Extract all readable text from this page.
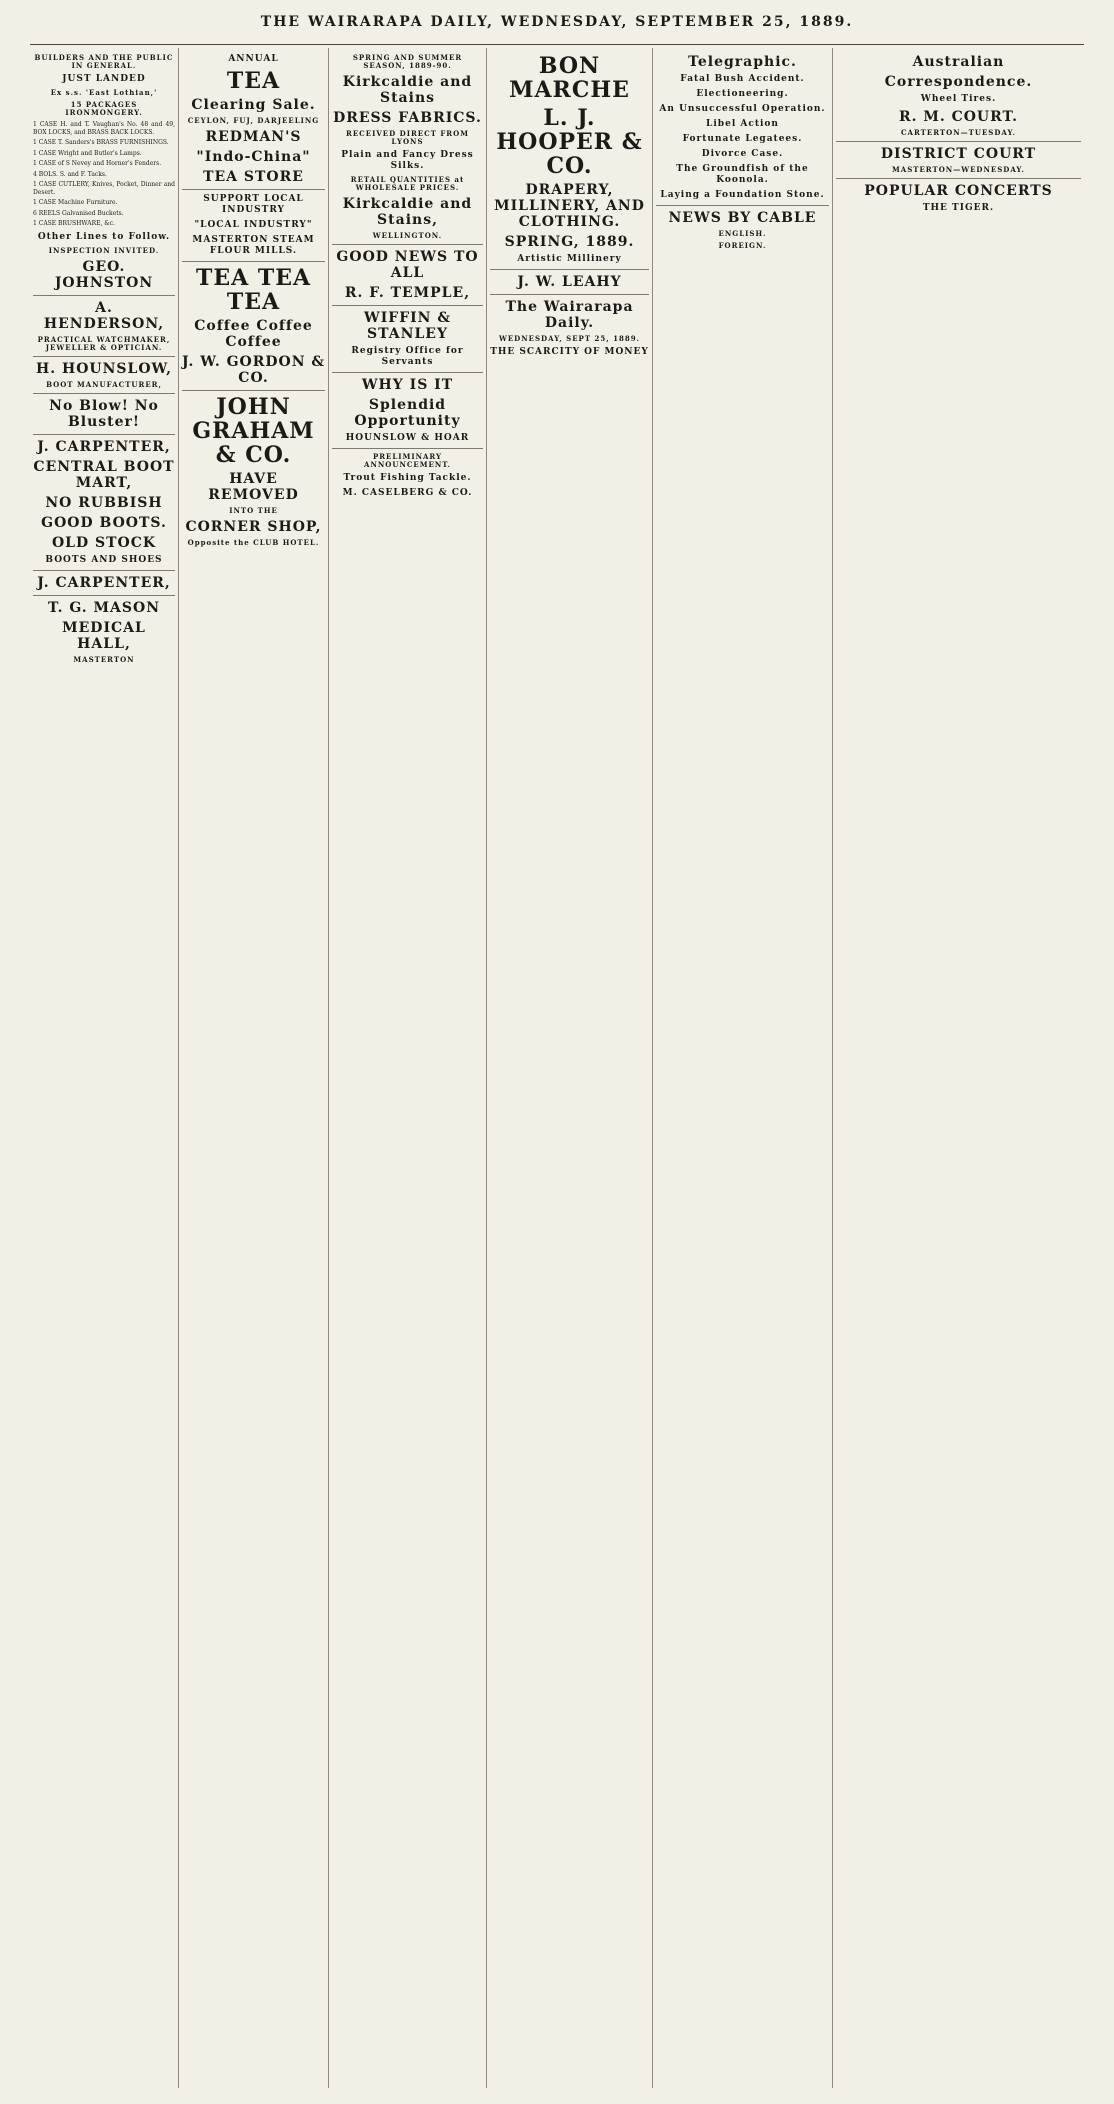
THE WAIRARAPA DAILY, WEDNESDAY, SEPTEMBER 25, 1889.
BUILDERS AND THE PUBLIC IN GENERAL.
JUST LANDED
Ex s.s. 'East Lothian,'
15 PACKAGES IRONMONGERY.

1 CASE H. and T. Vaughan's No. 48 and 49, BOX LOCKS, and BRASS BACK LOCKS.

1 CASE T. Sanders's BRASS FURNISHINGS.

1 CASE Wright and Butler's Lamps.

1 CASE of S Nevey and Horner's Fenders.

4 BOLS. S. and F. Tacks.

1 CASE CUTLERY, Knives, Pocket, Dinner and Desert.

1 CASE Machine Furniture.

6 REELS Galvanised Buckets.

1 CASE BRUSHWARE, &c.

Other Lines to Follow.
INSPECTION INVITED.
GEO. JOHNSTON
A. HENDERSON,
PRACTICAL WATCHMAKER, JEWELLER & OPTICIAN.
H. HOUNSLOW,
BOOT MANUFACTURER,
No Blow! No Bluster!
J. CARPENTER,
CENTRAL BOOT MART,
NO RUBBISH
GOOD BOOTS.
OLD STOCK
BOOTS AND SHOES
J. CARPENTER,
T. G. MASON
MEDICAL HALL,
MASTERTON
ANNUAL
TEA
Clearing Sale.
CEYLON, FUJ, DARJEELING
REDMAN'S
"Indo-China"
TEA STORE
SUPPORT LOCAL INDUSTRY
"LOCAL INDUSTRY"
MASTERTON STEAM FLOUR MILLS.
TEA TEA TEA
Coffee Coffee Coffee
J. W. GORDON & CO.
JOHN GRAHAM & CO.
HAVE REMOVED
INTO THE
CORNER SHOP,
Opposite the CLUB HOTEL.
SPRING AND SUMMER SEASON, 1889-90.
Kirkcaldie and Stains
DRESS FABRICS.
RECEIVED DIRECT FROM LYONS
Plain and Fancy Dress Silks.
RETAIL QUANTITIES at WHOLESALE PRICES.
Kirkcaldie and Stains,
WELLINGTON.
GOOD NEWS TO ALL
R. F. TEMPLE,
WIFFIN & STANLEY
Registry Office for Servants
WHY IS IT
Splendid Opportunity
HOUNSLOW & HOAR
PRELIMINARY ANNOUNCEMENT.
Trout Fishing Tackle.
M. CASELBERG & CO.
BON MARCHE
L. J. HOOPER & CO.
DRAPERY, MILLINERY, AND CLOTHING.
SPRING, 1889.
Artistic Millinery
J. W. LEAHY
The Wairarapa Daily.
WEDNESDAY, SEPT 25, 1889.
THE SCARCITY OF MONEY
Telegraphic.
Fatal Bush Accident.
Electioneering.
An Unsuccessful Operation.
Libel Action
Fortunate Legatees.
Divorce Case.
The Groundfish of the Koonola.
Laying a Foundation Stone.
NEWS BY CABLE
ENGLISH.
FOREIGN.
Australian
Correspondence.
Wheel Tires.
R. M. COURT.
CARTERTON—TUESDAY.
DISTRICT COURT
MASTERTON—WEDNESDAY.
POPULAR CONCERTS
THE TIGER.
